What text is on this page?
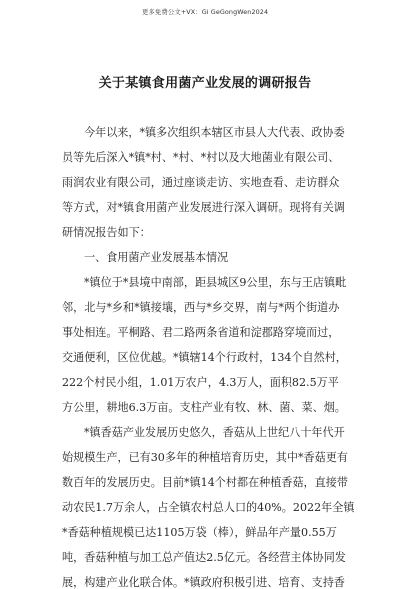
更多免费公文+VX：Gi GeGongWen2024
关于某镇食用菌产业发展的调研报告
今年以来，*镇多次组织本辖区市县人大代表、政协委
员等先后深入*镇*村、*村、*村以及大地菌业有限公司、
雨润农业有限公司，通过座谈走访、实地查看、走访群众
等方式，对*镇食用菌产业发展进行深入调研。现将有关调
研情况报告如下：
一、食用菌产业发展基本情况
*镇位于*县境中南部，距县城区9公里，东与王店镇毗
邻，北与*乡和*镇接壤，西与*乡交界，南与*两个街道办
事处相连。平桐路、君二路两条省道和淀郡路穿境而过，
交通便利，区位优越。*镇辖14个行政村，134个自然村，
222个村民小组，1.01万农户，4.3万人，面积82.5万平
方公里，耕地6.3万亩。支柱产业有牧、林、菌、菜、烟。
*镇香菇产业发展历史悠久，香菇从上世纪八十年代开
始规模生产，已有30多年的种植培育历史，其中*香菇更有
数百年的发展历史。目前*镇14个村都在种植香菇，直接带
动农民1.7万余人，占全镇农村总人口的40%。2022年全镇
*香菇种植规模已达1105万袋（棒），鲜品年产量0.55万
吨，香菇种植与加工总产值达2.5亿元。各经营主体协同发
展，构建产业化联合体。*镇政府积极引进、培育、支持香
